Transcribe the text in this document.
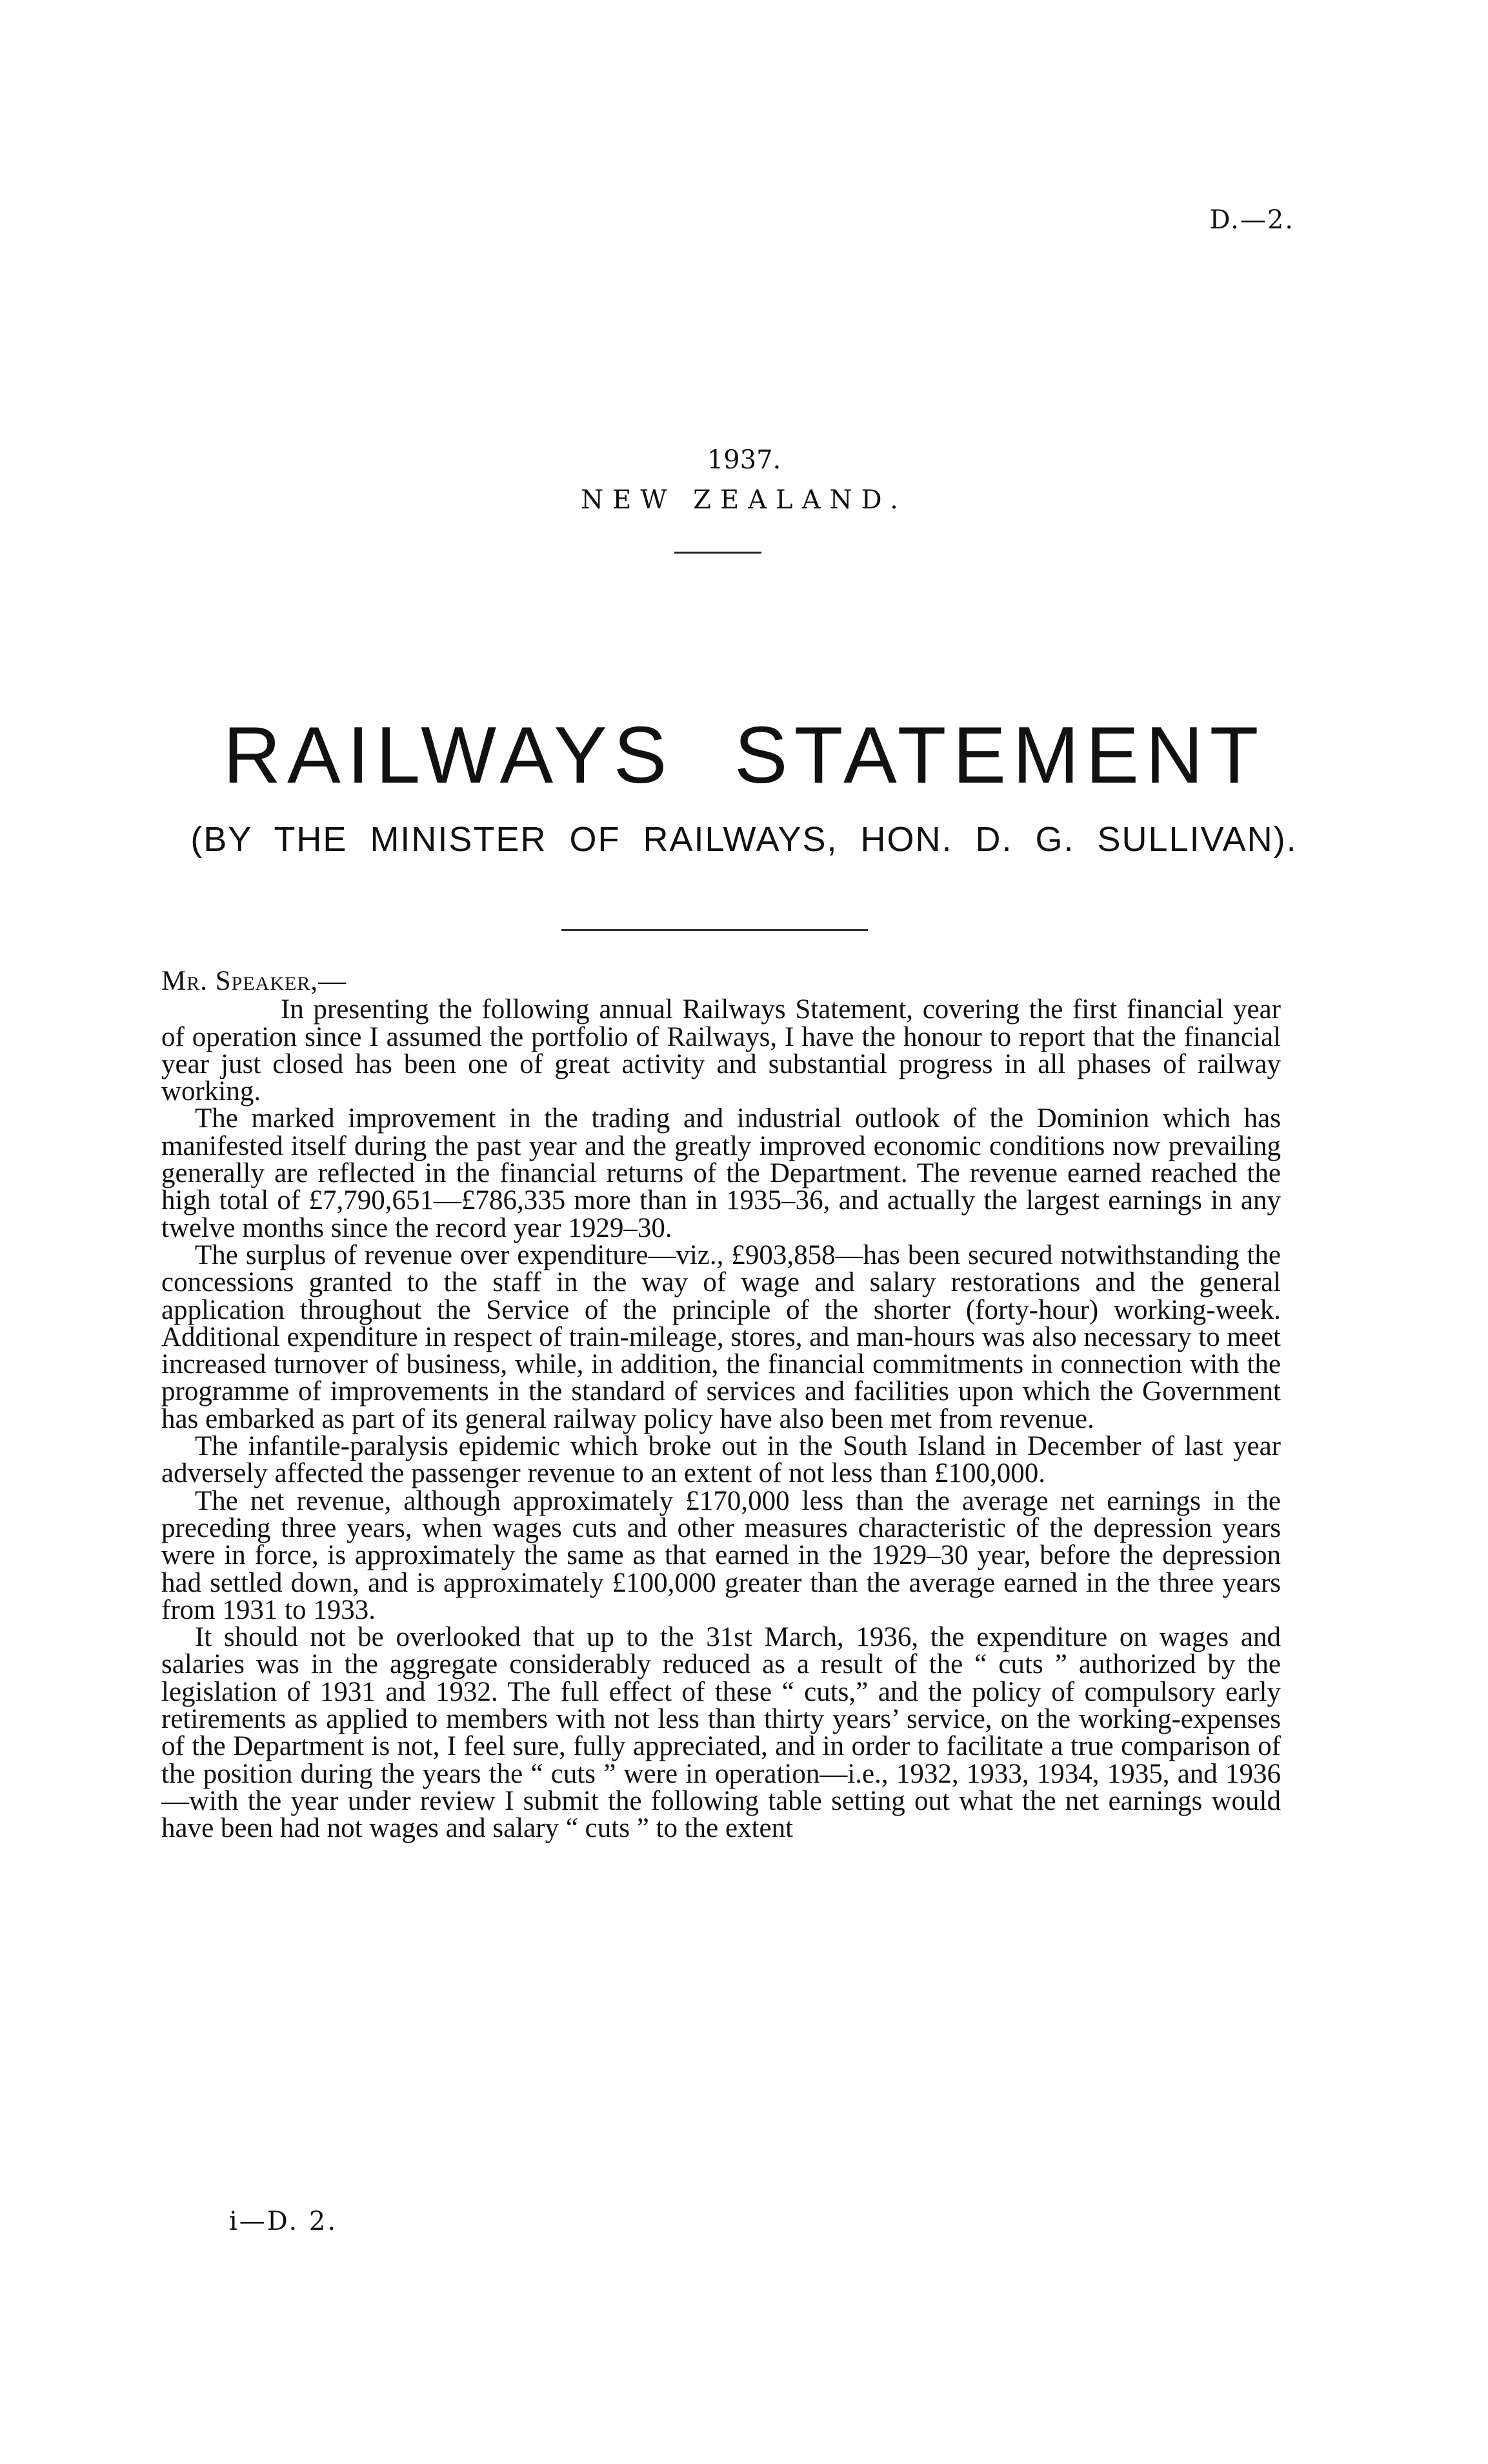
D.—2.
1937.
NEW ZEALAND.
RAILWAYS STATEMENT
(BY THE MINISTER OF RAILWAYS, HON. D. G. SULLIVAN).

Mr. Speaker,—

In presenting the following annual Railways Statement, covering the first financial year of operation since I assumed the portfolio of Railways, I have the honour to report that the financial year just closed has been one of great activity and substantial progress in all phases of railway working.

The marked improvement in the trading and industrial outlook of the Dominion which has manifested itself during the past year and the greatly improved economic conditions now prevailing generally are reflected in the financial returns of the Department. The revenue earned reached the high total of £7,790,651—£786,335 more than in 1935–36, and actually the largest earnings in any twelve months since the record year 1929–30.

The surplus of revenue over expenditure—viz., £903,858—has been secured notwithstanding the concessions granted to the staff in the way of wage and salary restorations and the general application throughout the Service of the principle of the shorter (forty-hour) working-week. Additional expenditure in respect of train-mileage, stores, and man-hours was also necessary to meet increased turnover of business, while, in addition, the financial commitments in connection with the programme of improvements in the standard of services and facilities upon which the Government has embarked as part of its general railway policy have also been met from revenue.

The infantile-paralysis epidemic which broke out in the South Island in December of last year adversely affected the passenger revenue to an extent of not less than £100,000.

The net revenue, although approximately £170,000 less than the average net earnings in the preceding three years, when wages cuts and other measures characteristic of the depression years were in force, is approximately the same as that earned in the 1929–30 year, before the depression had settled down, and is approximately £100,000 greater than the average earned in the three years from 1931 to 1933.

It should not be overlooked that up to the 31st March, 1936, the expenditure on wages and salaries was in the aggregate considerably reduced as a result of the “ cuts ” authorized by the legislation of 1931 and 1932. The full effect of these “ cuts,” and the policy of compulsory early retirements as applied to members with not less than thirty years’ service, on the working-expenses of the Department is not, I feel sure, fully appreciated, and in order to facilitate a true comparison of the position during the years the “ cuts ” were in operation—i.e., 1932, 1933, 1934, 1935, and 1936—with the year under review I submit the following table setting out what the net earnings would have been had not wages and salary “ cuts ” to the extent

i—D. 2.
